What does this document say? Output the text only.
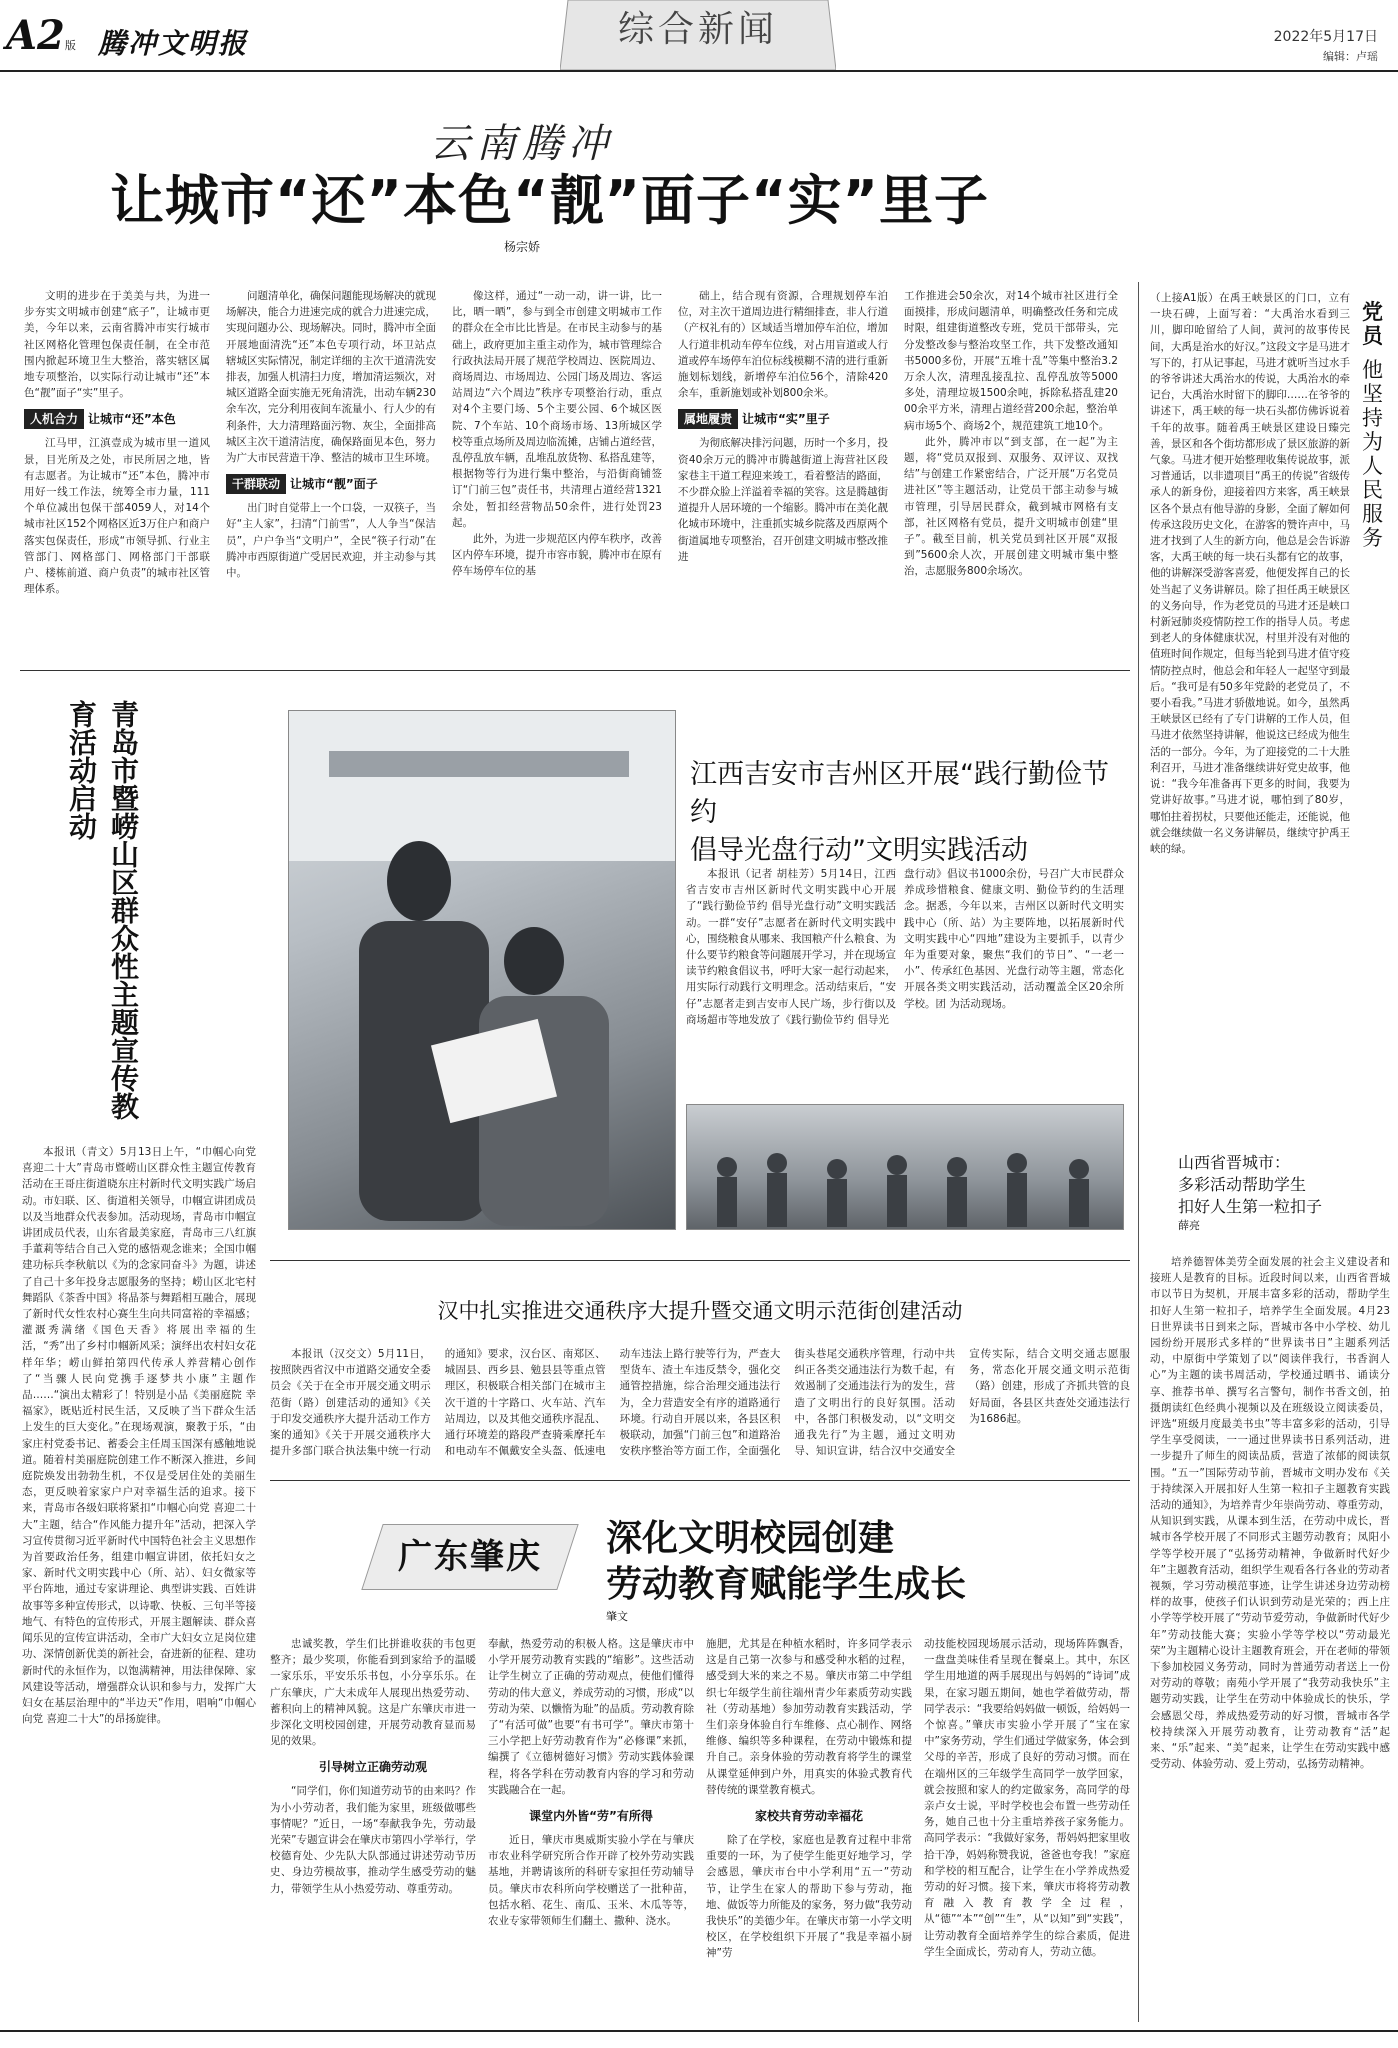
A2版 腾冲文明报	综合新闻	2022年5月17日
编辑：卢瑶
云南腾冲
让城市“还”本色“靓”面子“实”里子
杨宗娇

文明的进步在于美美与共，为进一步夯实文明城市创建“底子”，让城市更美，今年以来，云南省腾冲市实行城市社区网格化管理包保责任制，在全市范围内掀起环境卫生大整治，落实辖区属地专项整治，以实际行动让城市“还”本色“靓”面子“实”里子。

人机合力 让城市“还”本色

江马甲，江滇壹成为城市里一道风景，目光所及之处，市民所居之地，皆有志愿者。为让城市“还”本色，腾冲市用好一线工作法，统筹全市力量，111个单位减出包保干部4059人，对14个城市社区152个网格区近3万住户和商户落实包保责任，形成“市领导抓、行业主管部门、网格部门、网格部门干部联户、楼栋前道、商户负责”的城市社区管理体系。

问题清单化，确保问题能现场解决的就现场解决，能合力进速完成的就合力进速完成，实现问题办公、现场解决。同时，腾冲市全面开展地面清洗“还”本色专项行动，坏卫站点辖城区实际情况，制定详细的主次干道清洗安排表，加强人机清扫力度，增加清运频次，对城区道路全面实施无死角清洗，出动车辆230余车次，完分利用夜间车流量小、行人少的有利条件，大力清理路面污物、灰尘，全面排高城区主次干道清洁度，确保路面见本色，努力为广大市民营造干净、整洁的城市卫生环境。

干群联动 让城市“靓”面子

出门时自觉带上一个口袋，一双筷子，当好“主人家”，扫清“门前雪”，人人争当“保洁员”，户户争当“文明户”，全民“筷子行动”在腾冲市西原街道广受居民欢迎，并主动参与其中。

像这样，通过“一动一动，讲一讲，比一比，晒一晒”，参与到全市创建文明城市工作的群众在全市比比皆是。在市民主动参与的基础上，政府更加主重主动作为，城市管理综合行政执法局开展了规范学校周边、医院周边、商场周边、市场周边、公园门场及周边、客运站周边“六个周边”秩序专项整治行动，重点对4个主要门场、5个主要公园、6个城区医院、7个车站、10个商场市场、13所城区学校等重点场所及周边临流摊，店铺占道经营，乱停乱放车辆，乱堆乱放货物、私搭乱建等，根据物等行为进行集中整治，与沿街商铺签订“门前三包”责任书，共清理占道经营1321余处，暂扣经营物品50余件，进行处罚23起。

此外，为进一步规范区内停车秩序，改善区内停车环境，提升市容市貌，腾冲市在原有停车场停车位的基

础上，结合现有资源，合理规划停车泊位，对主次干道周边进行精细排查，非人行道（产权礼有的）区域适当增加停车泊位，增加人行道非机动车停车位线，对占用盲道或人行道或停车场停车泊位标线模糊不清的进行重新施划标划线，新增停车泊位56个，清除420余车，重新施划或补划800余米。

属地履责 让城市“实”里子

为彻底解决排污问题，历时一个多月，投资40余万元的腾冲市腾越街道上海营社区段家巷主干道工程迎来竣工，看着整洁的路面，不少群众脸上洋溢着幸福的笑容。这是腾越街道提升人居环境的一个缩影。腾冲市在美化靓化城市环境中，注重抓实城乡院落及西原两个街道属地专项整治，召开创建文明城市整改推进

工作推进会50余次，对14个城市社区进行全面摸排，形成问题清单，明确整改任务和完成时限，组建街道整改专班，党员干部带头，完分发整改参与整治攻坚工作，共下发整改通知书5000多份，开展“五堆十乱”等集中整治3.2万余人次，清理乱接乱拉、乱停乱放等5000多处，清理垃圾1500余吨，拆除私搭乱建2000余平方米，清理占道经营200余起，整治单病市场5个、商场2个，规范建筑工地10个。

此外，腾冲市以“到支部，在一起”为主题，将“党员双报到、双服务、双评议、双找结”与创建工作紧密结合，广泛开展“万名党员进社区”等主题活动，让党员干部主动参与城市管理，引导居民群众，截到城市网格有支部，社区网格有党员，提升文明城市创建“里子”。截至目前，机关党员到社区开展“双报到”5600余人次，开展创建文明城市集中整治，志愿服务800余场次。

党员
他坚持为人民服务
（上接A1版）在禹王峡景区的门口，立有一块石碑，上面写着：“大禹治水看到三川，脚印呛留给了人间，黄河的故事传民间，大禹是治水的好汉。”这段文字是马进才写下的，打从记事起，马进才就听当过水手的爷爷讲述大禹治水的传说，大禹治水的牵记台，大禹治水时留下的脚印……在爷爷的讲述下，禹王峡的每一块石头都仿佛诉说着千年的故事。随着禹王峡景区建设日臻完善，景区和各个街坊都形成了景区旅游的新气象。马进才便开始整理收集传说故事，派习普通话，以非遗项目“禹王的传说”省级传承人的新身份，迎接着四方来客，禹王峡景区各个景点有他导游的身影，全面了解如何传承这段历史文化，在游客的赞许声中，马进才找到了人生的新方向，他总是会告诉游客，大禹王峡的每一块石头都有它的故事，他的讲解深受游客喜爱，他便发挥自己的长处当起了义务讲解员。除了担任禹王峡景区的义务向导，作为老党员的马进才还是峡口村新冠肺炎疫情防控工作的指导人员。考虑到老人的身体健康状况，村里并没有对他的值班时间作规定，但每当轮到马进才值守疫情防控点时，他总会和年轻人一起坚守到最后。“我可是有50多年党龄的老党员了，不要小看我。”马进才骄傲地说。如今，虽然禹王峡景区已经有了专门讲解的工作人员，但马进才依然坚持讲解，他说这已经成为他生活的一部分。今年，为了迎接党的二十大胜利召开，马进才准备继续讲好党史故事，他说：“我今年准备再下更多的时间，我要为党讲好故事。”马进才说，哪怕到了80岁，哪怕拄着拐杖，只要他还能走，还能说，他就会继续做一名义务讲解员，继续守护禹王峡的绿。
青岛市暨崂山区群众性主题宣传教育活动启动
本报讯（青文）5月13日上午，“巾帼心向党 喜迎二十大”青岛市暨崂山区群众性主题宣传教育活动在王哥庄街道晓东庄村新时代文明实践广场启动。市妇联、区、街道相关领导，巾帼宣讲团成员以及当地群众代表参加。活动现场，青岛市巾帼宣讲团成员代表，山东省最美家庭，青岛市三八红旗手董莉等结合自己入党的感悟观念谁来；全国巾帼建功标兵李秋航以《为的念家同奋斗》为题，讲述了自己十多年投身志愿服务的坚持；崂山区北宅村舞蹈队《茶香中国》将晶茶与舞蹈相互融合，展现了新时代女性农村心赛生生向共同富裕的幸福感；灌溉秀满绪《国色天香》将展出幸福的生活，“秀”出了乡村巾帼新风采；演绎出农村妇女花样年华；崂山鲜拍第四代传承人养营精心创作了“当骤人民向党携手逐梦共小康”主题作品……“演出太精彩了！特别是小品《美丽庭院 幸福家》，既贴近村民生活，又反映了当下群众生活上发生的巨大变化。”在现场观演，聚教于乐，“由家庄村党委书记、蓄委会主任周玉国深有感触地说道。随着村美丽庭院创建工作不断深入推进，乡间庭院焕发出勃勃生机，不仅是受居住处的美丽生态，更反映着家家户户对幸福生活的追求。接下来，青岛市各级妇联将紧扣“巾帼心向党 喜迎二十大”主题，结合“作风能力提升年”活动，把深入学习宣传贯彻习近平新时代中国特色社会主义思想作为首要政治任务，组建巾帼宣讲团，依托妇女之家、新时代文明实践中心（所、站）、妇女微家等平台阵地，通过专家讲理论、典型讲实践、百姓讲故事等多种宣传形式，以诗歌、快板、三句半等接地气、有特色的宣传形式，开展主题解读、群众喜闻乐见的宣传宣讲活动，全市广大妇女立足岗位建功、深情创新优美的新社会，奋进新的征程、建功新时代的永恒作为，以饱满精神，用法律保障、家风建设等活动，增强群众认识和参与力，发挥广大妇女在基层治理中的“半边天”作用，唱响“巾帼心向党 喜迎二十大”的昂扬旋律。
江西吉安市吉州区开展“践行勤俭节约
倡导光盘行动”文明实践活动
本报讯（记者 胡桂芳）5月14日，江西省吉安市吉州区新时代文明实践中心开展了“践行勤俭节约 倡导光盘行动”文明实践活动。一群“安仔”志愿者在新时代文明实践中心，围绕粮食从哪来、我国粮产什么粮食、为什么要节约粮食等问题展开学习，并在现场宣读节约粮食倡议书，呼吁大家一起行动起来，用实际行动践行文明理念。活动结束后，“安仔”志愿者走到吉安市人民广场，步行街以及商场超市等地发放了《践行勤俭节约 倡导光
盘行动》倡议书1000余份，号召广大市民群众养成珍惜粮食、健康文明、勤俭节约的生活理念。据悉，今年以来，吉州区以新时代文明实践中心（所、站）为主要阵地，以拓展新时代文明实践中心“四地”建设为主要抓手，以青少年为重要对象，聚焦“我们的节日”、“一老一小”、传承红色基因、光盘行动等主题，常态化开展各类文明实践活动，活动覆盖全区20余所学校。团 为活动现场。
山西省晋城市：
多彩活动帮助学生
扣好人生第一粒扣子
薛亮
培养德智体美劳全面发展的社会主义建设者和接班人是教育的目标。近段时间以来，山西省晋城市以节日为契机，开展丰富多彩的活动，帮助学生扣好人生第一粒扣子，培养学生全面发展。4月23日世界读书日到来之际，晋城市各中小学校、幼儿园纷纷开展形式多样的“世界读书日”主题系列活动，中原街中学策划了以“阅读伴我行，书香润人心”为主题的读书周活动，学校通过晒书、诵读分享、推荐书单、撰写名言警句，制作书香文创，拍摄朗读红色经典小视频以及在班级设立阅读委员，评选“班级月度最美书虫”等丰富多彩的活动，引导学生享受阅读，一一通过世界读书日系列活动，进一步提升了师生的阅读品质，营造了浓郁的阅读氛围。“五一”国际劳动节前，晋城市文明办发布《关于持续深入开展扣好人生第一粒扣子主题教育实践活动的通知》，为培养青少年崇尚劳动、尊重劳动，从知识到实践，从课本到生活，在劳动中成长，晋城市各学校开展了不同形式主题劳动教育；凤阳小学等学校开展了“弘扬劳动精神，争做新时代好少年”主题教育活动，组织学生观看各行各业的劳动者视频，学习劳动模范事迹，让学生讲述身边劳动榜样的故事，使孩子们认识到劳动是光荣的；西上庄小学等学校开展了“劳动节爱劳动，争做新时代好少年”劳动技能大赛；实验小学等学校以“劳动最光荣”为主题精心设计主题教育班会，开在老师的带领下参加校园义务劳动，同时为普通劳动者送上一份对劳动的尊敬；南苑小学开展了“我劳动我快乐”主题劳动实践，让学生在劳动中体验成长的快乐，学会感恩父母，养成热爱劳动的好习惯，晋城市各学校持续深入开展劳动教育，让劳动教育“活”起来、“乐”起来、“美”起来，让学生在劳动实践中感受劳动、体验劳动、爱上劳动，弘扬劳动精神。
汉中扎实推进交通秩序大提升暨交通文明示范街创建活动
本报讯（汉交文）5月11日，按照陕西省汉中市道路交通安全委员会《关于在全市开展交通文明示范街（路）创建活动的通知》《关于印发交通秩序大提升活动工作方案的通知》《关于开展交通秩序大提升多部门联合执法集中统一行动的通知》要求，汉台区、南郑区、城固县、西乡县、勉县县等重点管理区，积极联合相关部门在城市主次干道的十字路口、火车站、汽车站周边，以及其他交通秩序混乱、通行环境差的路段严查骑乘摩托车和电动车不佩戴安全头盔、低速电动车违法上路行驶等行为，严查大型货车、渣土车违反禁令，强化交通管控措施，综合治理交通违法行为，全力营造安全有序的道路通行环境。行动自开展以来，各县区积极联动，加强“门前三包”和道路治安秩序整治等方面工作，全面强化街头巷尾交通秩序管理，行动中共纠正各类交通违法行为数千起，有效遏制了交通违法行为的发生，营造了文明出行的良好氛围。活动中，各部门积极发动，以“文明交通我先行”为主题，通过文明劝导、知识宣讲，结合汉中交通安全宣传实际，结合文明交通志愿服务，常态化开展交通文明示范街（路）创建，形成了齐抓共管的良好局面，各县区共查处交通违法行为1686起。
广东肇庆	深化文明校园创建
劳动教育赋能学生成长
肇文

忠诚奖教，学生们比拼谁收获的韦包更整齐；最少奖项，你能看到到家给予的温暖一家乐乐，平安乐乐书包，小分享乐乐。在广东肇庆，广大未成年人展现出热爱劳动、蓄积向上的精神风貌。这是广东肇庆市进一步深化文明校园创建，开展劳动教育显而易见的效果。

引导树立正确劳动观

“同学们，你们知道劳动节的由来吗？作为小小劳动者，我们能为家里，班级做哪些事情呢？”近日，一场“奉献我争先，劳动最光荣”专题宣讲会在肇庆市第四小学举行，学校德育处、少先队大队部通过讲述劳动节历史、身边劳模故事，推动学生感受劳动的魅力，带领学生从小热爱劳动、尊重劳动。

奉献，热爱劳动的积极人格。这是肇庆市中小学开展劳动教育实践的“缩影”。这些活动让学生树立了正确的劳动观点，使他们懂得劳动的伟大意义，养成劳动的习惯，形成“以劳动为荣、以懒惰为耻”的品质。劳动教育除了“有活可做”也要“有书可学”。肇庆市第十三小学把上好劳动教育作为“必修课”来抓，编撰了《立德树德好习惯》劳动实践体验课程，将各学科在劳动教育内容的学习和劳动实践融合在一起。

课堂内外皆“劳”有所得

近日，肇庆市奥威斯实验小学在与肇庆市农业科学研究所合作开辟了校外劳动实践基地，并聘请该所的科研专家担任劳动辅导员。肇庆市农科所向学校赠送了一批种苗，包括水稻、花生、南瓜、玉米、木瓜等等，农业专家带领师生们翻土、撒种、浇水。

施肥，尤其是在种植水稻时，许多同学表示这是自己第一次参与和感受种水稻的过程，感受到大米的来之不易。肇庆市第二中学组织七年级学生前往端州青少年素质劳动实践社（劳动基地）参加劳动教育实践活动，学生们亲身体验自行车维修、点心制作、网络维修、编织等多种课程，在劳动中锻炼和提升自己。亲身体验的劳动教育将学生的课堂从课堂延伸到户外，用真实的体验式教育代替传统的课堂教育模式。

家校共育劳动幸福花

除了在学校，家庭也是教育过程中非常重要的一环，为了使学生能更好地学习，学会感恩，肇庆市台中小学利用“五一”劳动节，让学生在家人的帮助下参与劳动，拖地、做饭等力所能及的家务，努力做“我劳动 我快乐”的美德少年。在肇庆市第一小学文明校区，在学校组织下开展了“我是幸福小厨神”劳

动技能校园现场展示活动，现场阵阵飘香，一盘盘美味佳肴呈现在餐桌上。其中，东区学生用地道的两手展现出与妈妈的“诗词”成果，在家习题五期间，她也学着做劳动，帮同学表示：“我要给妈妈做一顿饭，给妈妈一个惊喜。”肇庆市实验小学开展了“宝在家中”家务劳动，学生们通过学做家务，体会到父母的辛苦，形成了良好的劳动习惯。而在在端州区的三年级学生高同学一放学回家，就会按照和家人的约定做家务，高同学的母亲卢女士说，平时学校也会布置一些劳动任务，她自己也十分主重培养孩子家务能力。高同学表示：“我做好家务，帮妈妈把家里收拾干净，妈妈称赞我说，爸爸也夸我！”家庭和学校的相互配合，让学生在小学养成热爱劳动的好习惯。接下来，肇庆市将将劳动教育融入教育教学全过程，从“德”“本”“创”“生”，从“以知”到“实践”，让劳动教育全面培养学生的综合素质，促进学生全面成长，劳动育人，劳动立德。
